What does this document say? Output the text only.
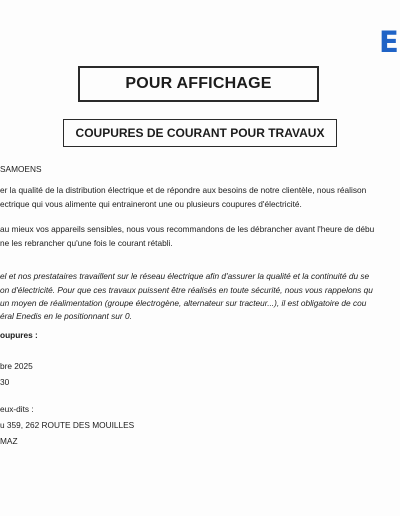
E
POUR AFFICHAGE
COUPURES DE COURANT POUR TRAVAUX
SAMOENS
er la qualité de la distribution électrique et de répondre aux besoins de notre clientèle, nous réalison
ectrique qui vous alimente qui entraineront une ou plusieurs coupures d'électricité.
au mieux vos appareils sensibles, nous vous recommandons de les débrancher avant l'heure de débu
ne les rebrancher qu'une fois le courant rétabli.
el et nos prestataires travaillent sur le réseau électrique afin d'assurer la qualité et la continuité du se
on d'électricité. Pour que ces travaux puissent être réalisés en toute sécurité, nous vous rappelons qu
un moyen de réalimentation (groupe électrogène, alternateur sur tracteur...), il est obligatoire de cou
éral Enedis en le positionnant sur 0.
oupures :
bre 2025
30
eux-dits :
u 359, 262 ROUTE DES MOUILLES
MAZ
